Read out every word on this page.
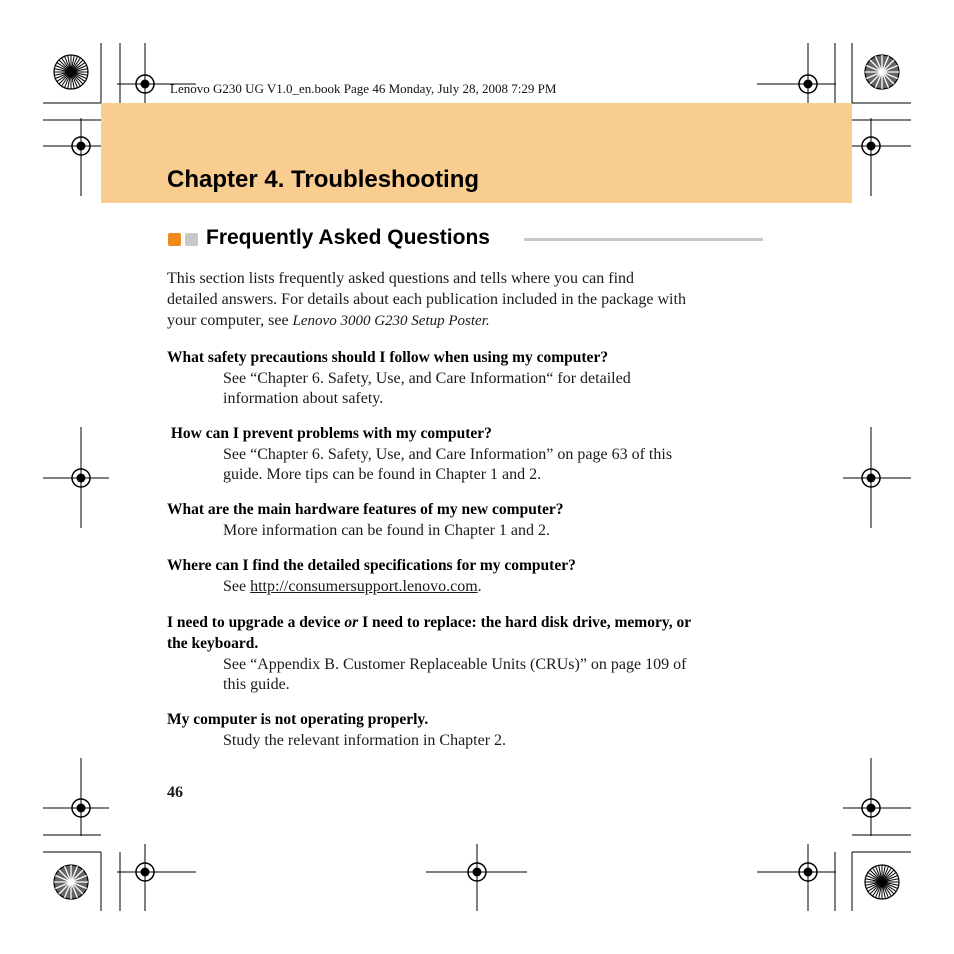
Lenovo G230 UG V1.0_en.book Page 46 Monday, July 28, 2008 7:29 PM
Chapter 4. Troubleshooting
Frequently Asked Questions

This section lists frequently asked questions and tells where you can find

detailed answers. For details about each publication included in the package with

your computer, see Lenovo 3000 G230 Setup Poster.

What safety precautions should I follow when using my computer?

See “Chapter 6. Safety, Use, and Care Information“ for detailed

information about safety.

How can I prevent problems with my computer?

See “Chapter 6. Safety, Use, and Care Information” on page 63 of this

guide. More tips can be found in Chapter 1 and 2.

What are the main hardware features of my new computer?

More information can be found in Chapter 1 and 2.

Where can I find the detailed specifications for my computer?

See http://consumersupport.lenovo.com.

I need to upgrade a device or I need to replace: the hard disk drive, memory, or

the keyboard.

See “Appendix B. Customer Replaceable Units (CRUs)” on page 109 of

this guide.

My computer is not operating properly.

Study the relevant information in Chapter 2.

46
